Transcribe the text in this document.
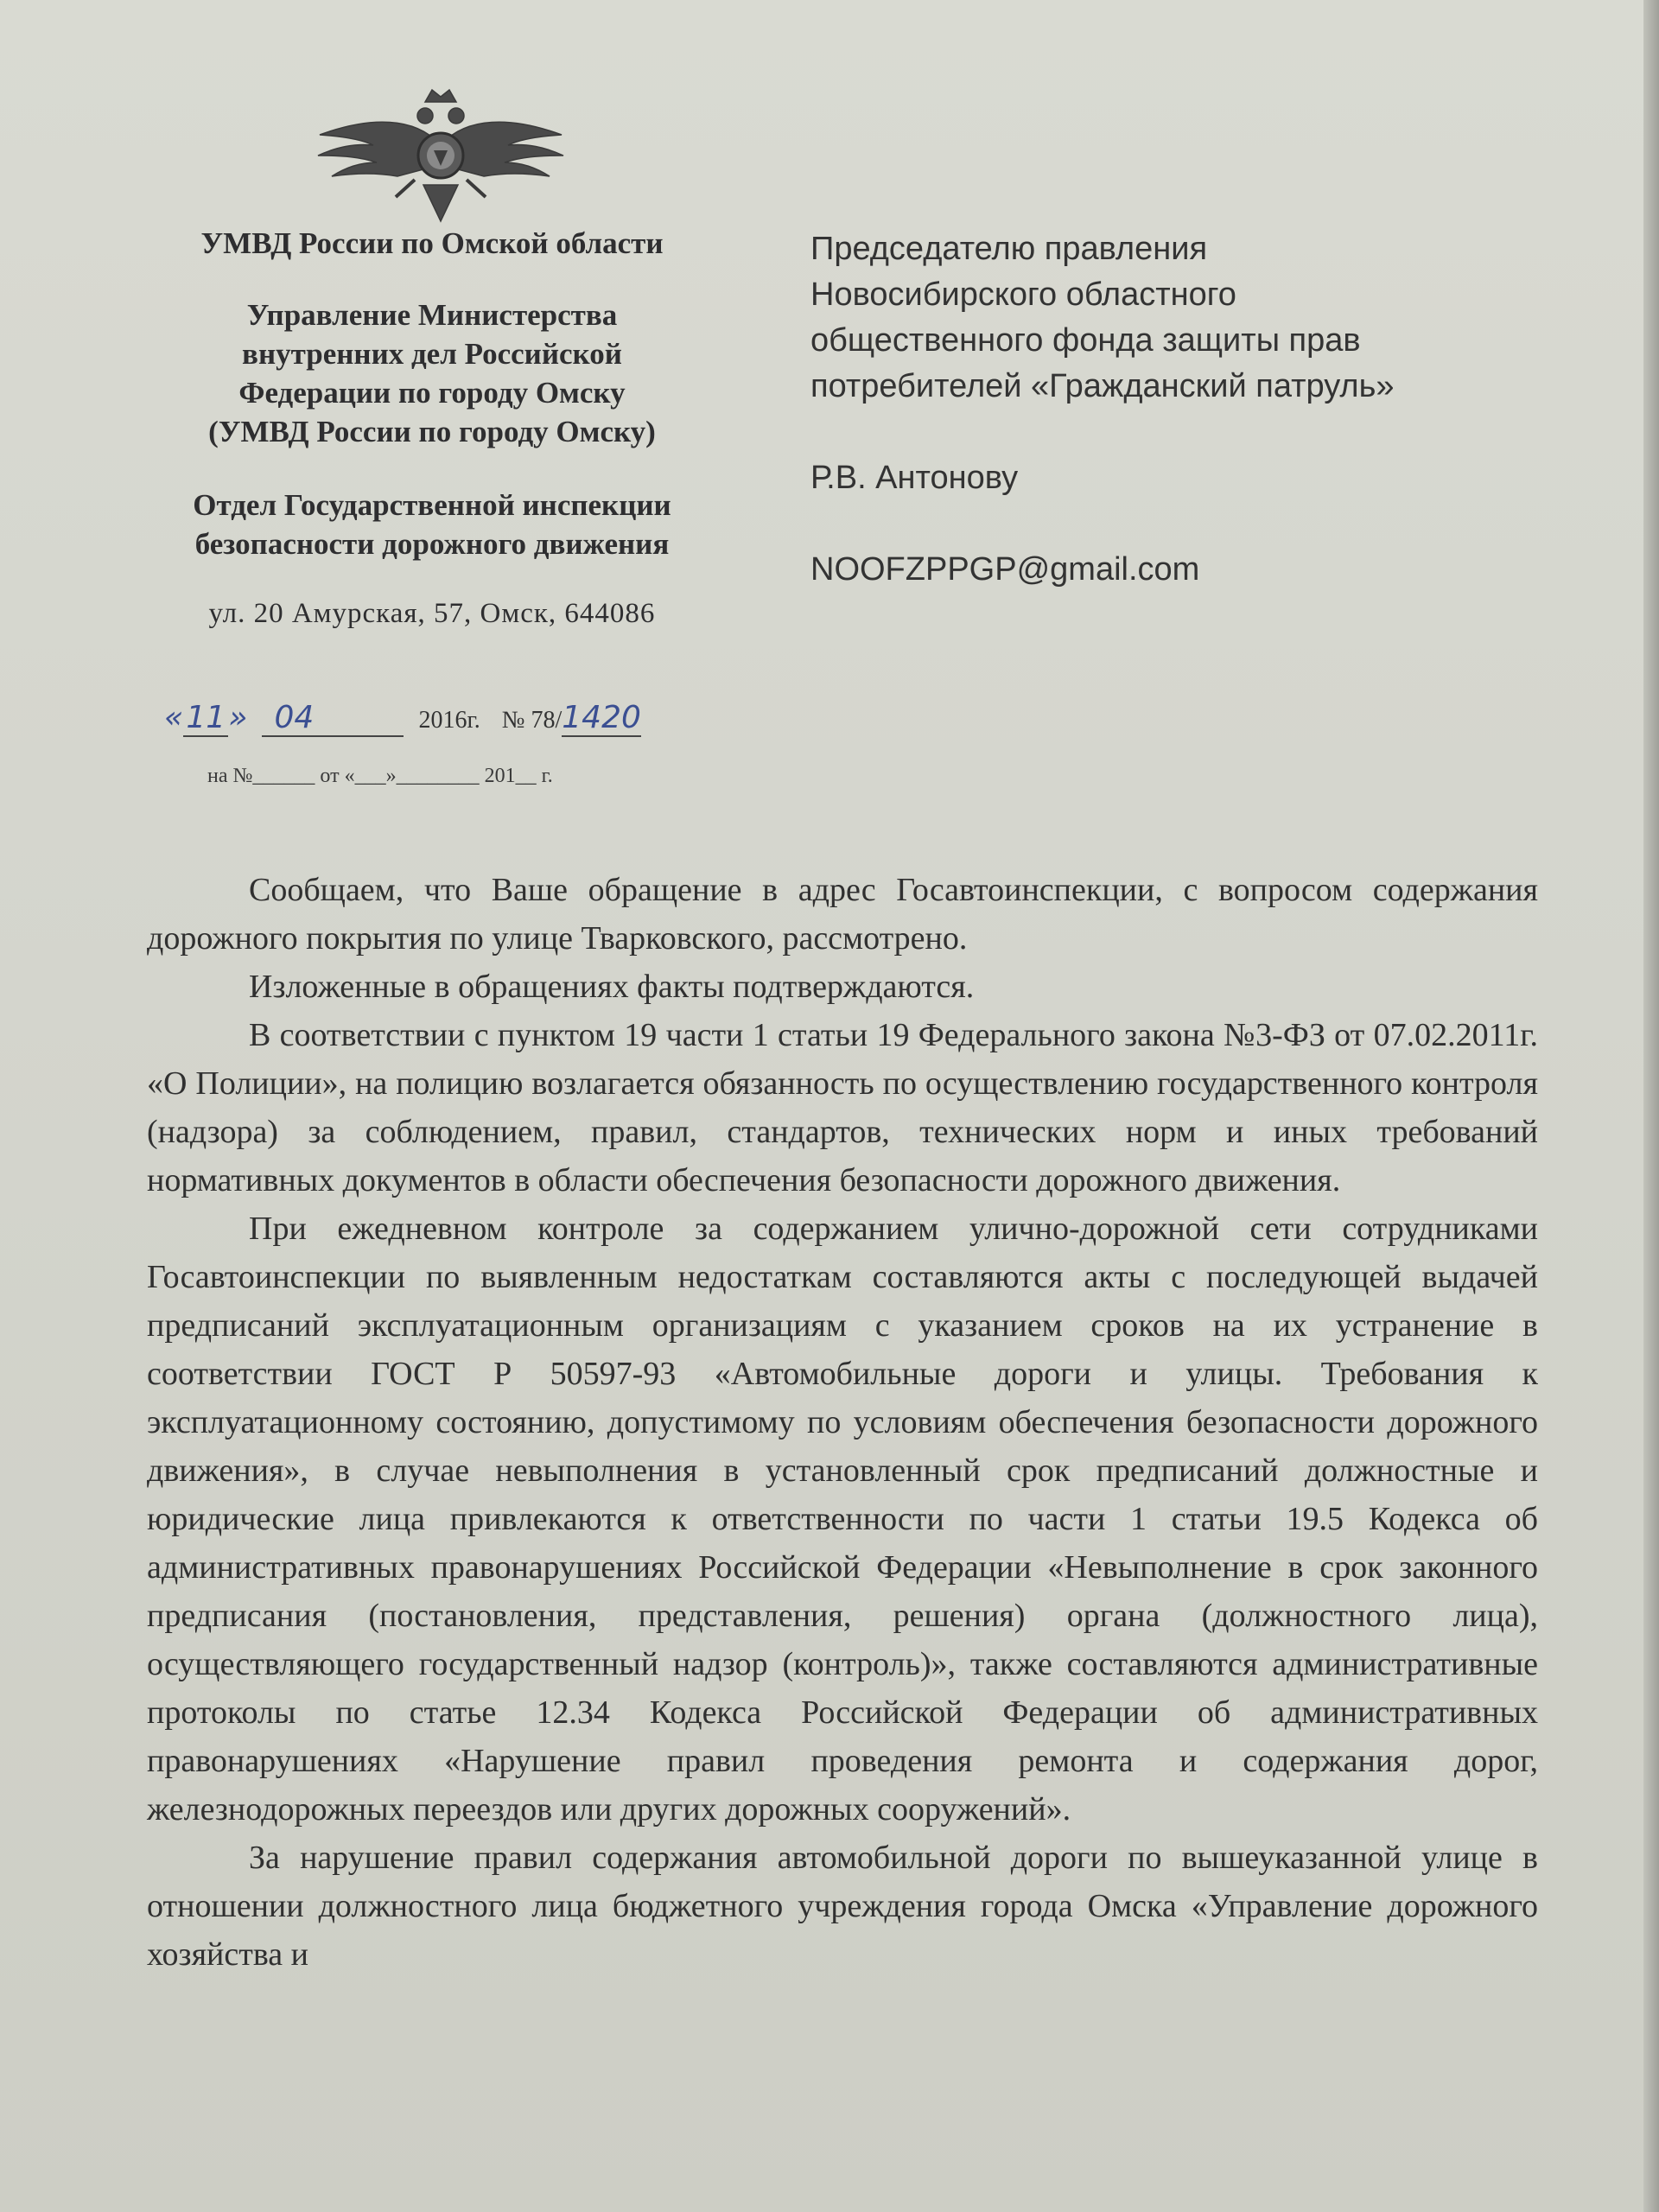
УМВД России по Омской области
Управление Министерства
внутренних дел Российской
Федерации по городу Омску
(УМВД России по городу Омску)
Отдел Государственной инспекции
безопасности дорожного движения
ул. 20 Амурская, 57, Омск, 644086
«11» 04	2016г. № 78/1420
на №______ от «___»________ 201__ г.

Председателю правления
Новосибирского областного
общественного фонда защиты прав
потребителей «Гражданский патруль»

Р.В. Антонову

NOOFZPPGP@gmail.com

Сообщаем, что Ваше обращение в адрес Госавтоинспекции, с вопросом содержания дорожного покрытия по улице Тварковского, рассмотрено.

Изложенные в обращениях факты подтверждаются.

В соответствии с пунктом 19 части 1 статьи 19 Федерального закона №3-ФЗ от 07.02.2011г. «О Полиции», на полицию возлагается обязанность по осуществлению государственного контроля (надзора) за соблюдением, правил, стандартов, технических норм и иных требований нормативных документов в области обеспечения безопасности дорожного движения.

При ежедневном контроле за содержанием улично-дорожной сети сотрудниками Госавтоинспекции по выявленным недостаткам составляются акты с последующей выдачей предписаний эксплуатационным организациям с указанием сроков на их устранение в соответствии ГОСТ Р 50597-93 «Автомобильные дороги и улицы. Требования к эксплуатационному состоянию, допустимому по условиям обеспечения безопасности дорожного движения», в случае невыполнения в установленный срок предписаний должностные и юридические лица привлекаются к ответственности по части 1 статьи 19.5 Кодекса об административных правонарушениях Российской Федерации «Невыполнение в срок законного предписания (постановления, представления, решения) органа (должностного лица), осуществляющего государственный надзор (контроль)», также составляются административные протоколы по статье 12.34 Кодекса Российской Федерации об административных правонарушениях «Нарушение правил проведения ремонта и содержания дорог, железнодорожных переездов или других дорожных сооружений».

За нарушение правил содержания автомобильной дороги по вышеуказанной улице в отношении должностного лица бюджетного учреждения города Омска «Управление дорожного хозяйства и
